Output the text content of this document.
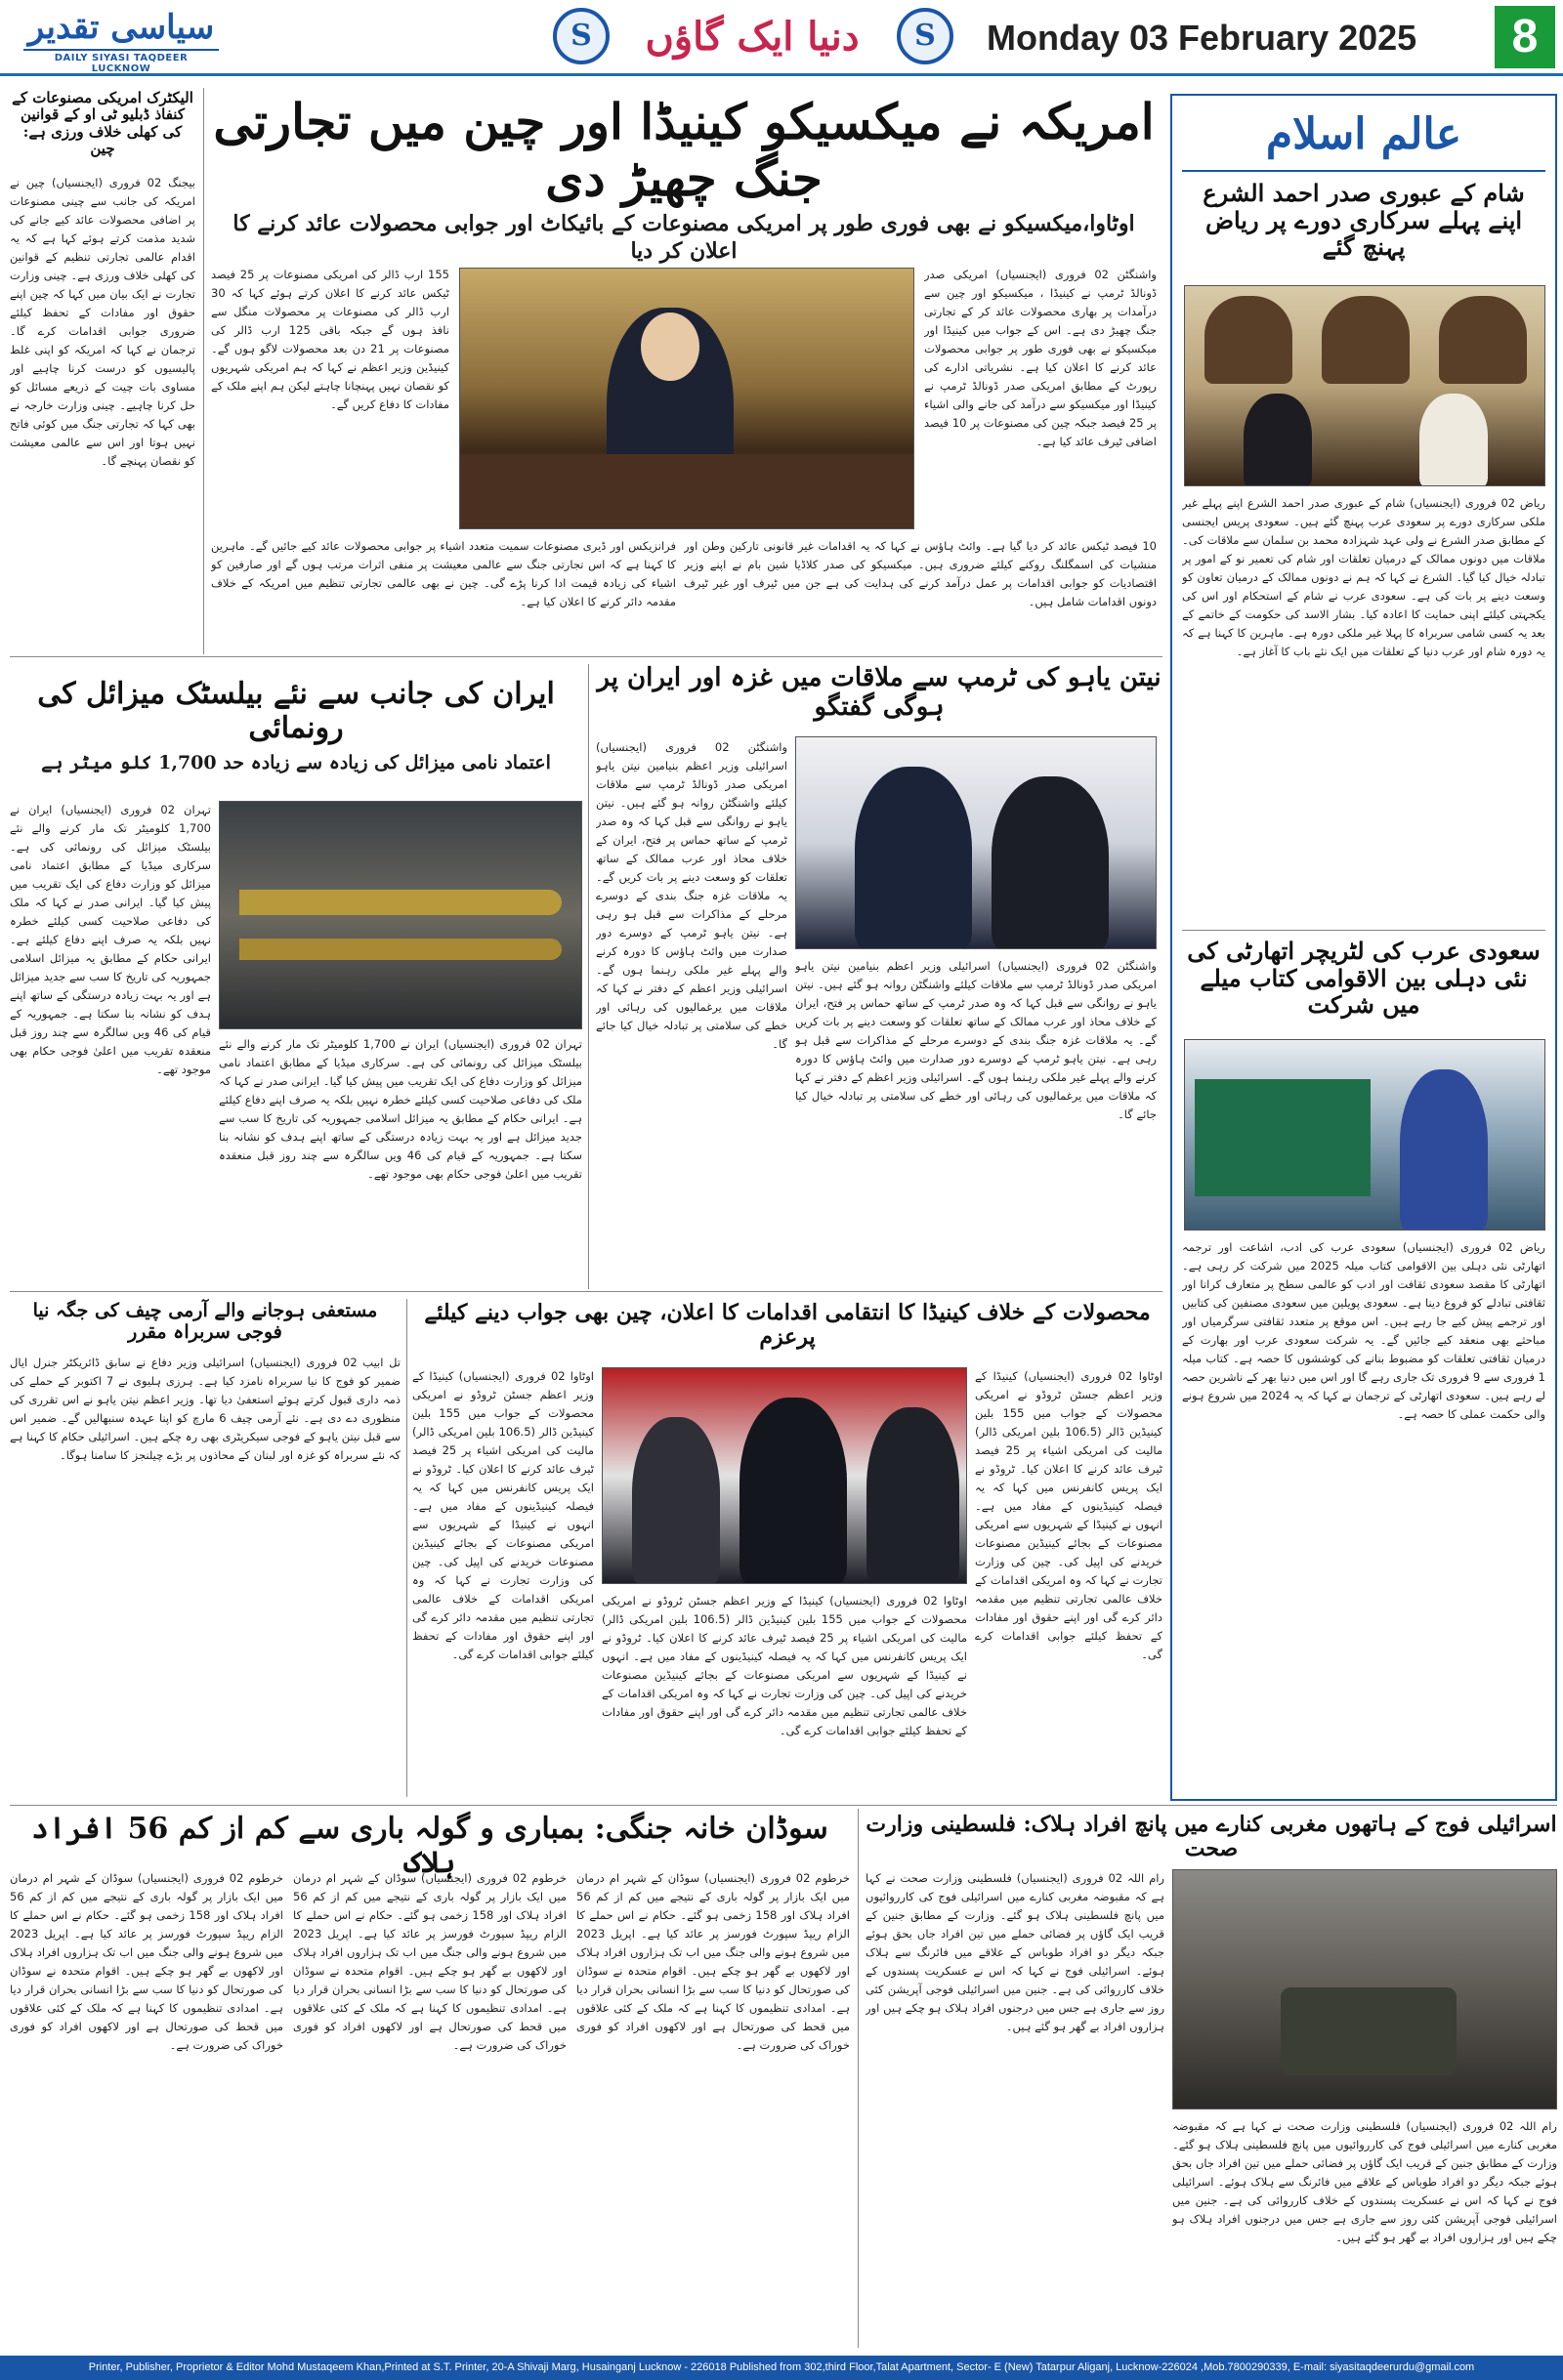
سیاسی تقدیر
DAILY SIYASI TAQDEER LUCKNOW
S	دنیا ایک گاؤں	S	Monday 03 February 2025	8
الیکٹرک امریکی مصنوعات کے کنفاذ ڈبلیو ٹی او کے قوانین کی کھلی خلاف ورزی ہے: چین
بیجنگ 02 فروری (ایجنسیاں) چین نے امریکہ کی جانب سے چینی مصنوعات پر اضافی محصولات عائد کیے جانے کی شدید مذمت کرتے ہوئے کہا ہے کہ یہ اقدام عالمی تجارتی تنظیم کے قوانین کی کھلی خلاف ورزی ہے۔ چینی وزارت تجارت نے ایک بیان میں کہا کہ چین اپنے حقوق اور مفادات کے تحفظ کیلئے ضروری جوابی اقدامات کرے گا۔ ترجمان نے کہا کہ امریکہ کو اپنی غلط پالیسیوں کو درست کرنا چاہیے اور مساوی بات چیت کے ذریعے مسائل کو حل کرنا چاہیے۔ چینی وزارت خارجہ نے بھی کہا کہ تجارتی جنگ میں کوئی فاتح نہیں ہوتا اور اس سے عالمی معیشت کو نقصان پہنچے گا۔
امریکہ نے میکسیکو کینیڈا اور چین میں تجارتی جنگ چھیڑ دی
اوٹاوا،میکسیکو نے بھی فوری طور پر امریکی مصنوعات کے بائیکاٹ اور جوابی محصولات عائد کرنے کا اعلان کر دیا
واشنگٹن 02 فروری (ایجنسیاں) امریکی صدر ڈونالڈ ٹرمپ نے کینیڈا ، میکسیکو اور چین سے درآمدات پر بھاری محصولات عائد کر کے تجارتی جنگ چھیڑ دی ہے۔ اس کے جواب میں کینیڈا اور میکسیکو نے بھی فوری طور پر جوابی محصولات عائد کرنے کا اعلان کیا ہے۔ نشریاتی ادارے کی رپورٹ کے مطابق امریکی صدر ڈونالڈ ٹرمپ نے کینیڈا اور میکسیکو سے درآمد کی جانے والی اشیاء پر 25 فیصد جبکہ چین کی مصنوعات پر 10 فیصد اضافی ٹیرف عائد کیا ہے۔
155 ارب ڈالر کی امریکی مصنوعات پر 25 فیصد ٹیکس عائد کرنے کا اعلان کرتے ہوئے کہا کہ 30 ارب ڈالر کی مصنوعات پر محصولات منگل سے نافذ ہوں گے جبکہ باقی 125 ارب ڈالر کی مصنوعات پر 21 دن بعد محصولات لاگو ہوں گے۔ کینیڈین وزیر اعظم نے کہا کہ ہم امریکی شہریوں کو نقصان نہیں پہنچانا چاہتے لیکن ہم اپنے ملک کے مفادات کا دفاع کریں گے۔
10 فیصد ٹیکس عائد کر دیا گیا ہے۔ وائٹ ہاؤس نے کہا کہ یہ اقدامات غیر قانونی تارکین وطن اور منشیات کی اسمگلنگ روکنے کیلئے ضروری ہیں۔ میکسیکو کی صدر کلاڈیا شین بام نے اپنے وزیر اقتصادیات کو جوابی اقدامات پر عمل درآمد کرنے کی ہدایت کی ہے جن میں ٹیرف اور غیر ٹیرف دونوں اقدامات شامل ہیں۔
فرانزیکس اور ڈیری مصنوعات سمیت متعدد اشیاء پر جوابی محصولات عائد کیے جائیں گے۔ ماہرین کا کہنا ہے کہ اس تجارتی جنگ سے عالمی معیشت پر منفی اثرات مرتب ہوں گے اور صارفین کو اشیاء کی زیادہ قیمت ادا کرنا پڑے گی۔ چین نے بھی عالمی تجارتی تنظیم میں امریکہ کے خلاف مقدمہ دائر کرنے کا اعلان کیا ہے۔
نیتن یاہو کی ٹرمپ سے ملاقات میں غزہ اور ایران پر ہوگی گفتگو
واشنگٹن 02 فروری (ایجنسیاں) اسرائیلی وزیر اعظم بنیامین نیتن یاہو امریکی صدر ڈونالڈ ٹرمپ سے ملاقات کیلئے واشنگٹن روانہ ہو گئے ہیں۔ نیتن یاہو نے روانگی سے قبل کہا کہ وہ صدر ٹرمپ کے ساتھ حماس پر فتح، ایران کے خلاف محاذ اور عرب ممالک کے ساتھ تعلقات کو وسعت دینے پر بات کریں گے۔ یہ ملاقات غزہ جنگ بندی کے دوسرے مرحلے کے مذاکرات سے قبل ہو رہی ہے۔ نیتن یاہو ٹرمپ کے دوسرے دور صدارت میں وائٹ ہاؤس کا دورہ کرنے والے پہلے غیر ملکی رہنما ہوں گے۔ اسرائیلی وزیر اعظم کے دفتر نے کہا کہ ملاقات میں یرغمالیوں کی رہائی اور خطے کی سلامتی پر تبادلہ خیال کیا جائے گا۔
واشنگٹن 02 فروری (ایجنسیاں) اسرائیلی وزیر اعظم بنیامین نیتن یاہو امریکی صدر ڈونالڈ ٹرمپ سے ملاقات کیلئے واشنگٹن روانہ ہو گئے ہیں۔ نیتن یاہو نے روانگی سے قبل کہا کہ وہ صدر ٹرمپ کے ساتھ حماس پر فتح، ایران کے خلاف محاذ اور عرب ممالک کے ساتھ تعلقات کو وسعت دینے پر بات کریں گے۔ یہ ملاقات غزہ جنگ بندی کے دوسرے مرحلے کے مذاکرات سے قبل ہو رہی ہے۔ نیتن یاہو ٹرمپ کے دوسرے دور صدارت میں وائٹ ہاؤس کا دورہ کرنے والے پہلے غیر ملکی رہنما ہوں گے۔ اسرائیلی وزیر اعظم کے دفتر نے کہا کہ ملاقات میں یرغمالیوں کی رہائی اور خطے کی سلامتی پر تبادلہ خیال کیا جائے گا۔
ایران کی جانب سے نئے بیلسٹک میزائل کی رونمائی
اعتماد نامی میزائل کی زیادہ سے زیادہ حد 1,700 کلو میٹر ہے
تہران 02 فروری (ایجنسیاں) ایران نے 1,700 کلومیٹر تک مار کرنے والے نئے بیلسٹک میزائل کی رونمائی کی ہے۔ سرکاری میڈیا کے مطابق اعتماد نامی میزائل کو وزارت دفاع کی ایک تقریب میں پیش کیا گیا۔ ایرانی صدر نے کہا کہ ملک کی دفاعی صلاحیت کسی کیلئے خطرہ نہیں بلکہ یہ صرف اپنے دفاع کیلئے ہے۔ ایرانی حکام کے مطابق یہ میزائل اسلامی جمہوریہ کی تاریخ کا سب سے جدید میزائل ہے اور یہ بہت زیادہ درستگی کے ساتھ اپنے ہدف کو نشانہ بنا سکتا ہے۔ جمہوریہ کے قیام کی 46 ویں سالگرہ سے چند روز قبل منعقدہ تقریب میں اعلیٰ فوجی حکام بھی موجود تھے۔
تہران 02 فروری (ایجنسیاں) ایران نے 1,700 کلومیٹر تک مار کرنے والے نئے بیلسٹک میزائل کی رونمائی کی ہے۔ سرکاری میڈیا کے مطابق اعتماد نامی میزائل کو وزارت دفاع کی ایک تقریب میں پیش کیا گیا۔ ایرانی صدر نے کہا کہ ملک کی دفاعی صلاحیت کسی کیلئے خطرہ نہیں بلکہ یہ صرف اپنے دفاع کیلئے ہے۔ ایرانی حکام کے مطابق یہ میزائل اسلامی جمہوریہ کی تاریخ کا سب سے جدید میزائل ہے اور یہ بہت زیادہ درستگی کے ساتھ اپنے ہدف کو نشانہ بنا سکتا ہے۔ جمہوریہ کے قیام کی 46 ویں سالگرہ سے چند روز قبل منعقدہ تقریب میں اعلیٰ فوجی حکام بھی موجود تھے۔
مستعفی ہوجانے والے آرمی چیف کی جگہ نیا فوجی سربراہ مقرر
تل ابیب 02 فروری (ایجنسیاں) اسرائیلی وزیر دفاع نے سابق ڈائریکٹر جنرل ایال ضمیر کو فوج کا نیا سربراہ نامزد کیا ہے۔ ہرزی ہلیوی نے 7 اکتوبر کے حملے کی ذمہ داری قبول کرتے ہوئے استعفیٰ دیا تھا۔ وزیر اعظم نیتن یاہو نے اس تقرری کی منظوری دے دی ہے۔ نئے آرمی چیف 6 مارچ کو اپنا عہدہ سنبھالیں گے۔ ضمیر اس سے قبل نیتن یاہو کے فوجی سیکریٹری بھی رہ چکے ہیں۔ اسرائیلی حکام کا کہنا ہے کہ نئے سربراہ کو غزہ اور لبنان کے محاذوں پر بڑے چیلنجز کا سامنا ہوگا۔
محصولات کے خلاف کینیڈا کا انتقامی اقدامات کا اعلان، چین بھی جواب دینے کیلئے پرعزم
اوٹاوا 02 فروری (ایجنسیاں) کینیڈا کے وزیر اعظم جسٹن ٹروڈو نے امریکی محصولات کے جواب میں 155 بلین کینیڈین ڈالر (106.5 بلین امریکی ڈالر) مالیت کی امریکی اشیاء پر 25 فیصد ٹیرف عائد کرنے کا اعلان کیا۔ ٹروڈو نے ایک پریس کانفرنس میں کہا کہ یہ فیصلہ کینیڈینوں کے مفاد میں ہے۔ انہوں نے کینیڈا کے شہریوں سے امریکی مصنوعات کے بجائے کینیڈین مصنوعات خریدنے کی اپیل کی۔ چین کی وزارت تجارت نے کہا کہ وہ امریکی اقدامات کے خلاف عالمی تجارتی تنظیم میں مقدمہ دائر کرے گی اور اپنے حقوق اور مفادات کے تحفظ کیلئے جوابی اقدامات کرے گی۔
اوٹاوا 02 فروری (ایجنسیاں) کینیڈا کے وزیر اعظم جسٹن ٹروڈو نے امریکی محصولات کے جواب میں 155 بلین کینیڈین ڈالر (106.5 بلین امریکی ڈالر) مالیت کی امریکی اشیاء پر 25 فیصد ٹیرف عائد کرنے کا اعلان کیا۔ ٹروڈو نے ایک پریس کانفرنس میں کہا کہ یہ فیصلہ کینیڈینوں کے مفاد میں ہے۔ انہوں نے کینیڈا کے شہریوں سے امریکی مصنوعات کے بجائے کینیڈین مصنوعات خریدنے کی اپیل کی۔ چین کی وزارت تجارت نے کہا کہ وہ امریکی اقدامات کے خلاف عالمی تجارتی تنظیم میں مقدمہ دائر کرے گی اور اپنے حقوق اور مفادات کے تحفظ کیلئے جوابی اقدامات کرے گی۔
اوٹاوا 02 فروری (ایجنسیاں) کینیڈا کے وزیر اعظم جسٹن ٹروڈو نے امریکی محصولات کے جواب میں 155 بلین کینیڈین ڈالر (106.5 بلین امریکی ڈالر) مالیت کی امریکی اشیاء پر 25 فیصد ٹیرف عائد کرنے کا اعلان کیا۔ ٹروڈو نے ایک پریس کانفرنس میں کہا کہ یہ فیصلہ کینیڈینوں کے مفاد میں ہے۔ انہوں نے کینیڈا کے شہریوں سے امریکی مصنوعات کے بجائے کینیڈین مصنوعات خریدنے کی اپیل کی۔ چین کی وزارت تجارت نے کہا کہ وہ امریکی اقدامات کے خلاف عالمی تجارتی تنظیم میں مقدمہ دائر کرے گی اور اپنے حقوق اور مفادات کے تحفظ کیلئے جوابی اقدامات کرے گی۔
سوڈان خانہ جنگی: بمباری و گولہ باری سے کم از کم 56 افراد ہلاک
خرطوم 02 فروری (ایجنسیاں) سوڈان کے شہر ام درمان میں ایک بازار پر گولہ باری کے نتیجے میں کم از کم 56 افراد ہلاک اور 158 زخمی ہو گئے۔ حکام نے اس حملے کا الزام ریپڈ سپورٹ فورسز پر عائد کیا ہے۔ اپریل 2023 میں شروع ہونے والی جنگ میں اب تک ہزاروں افراد ہلاک اور لاکھوں بے گھر ہو چکے ہیں۔ اقوام متحدہ نے سوڈان کی صورتحال کو دنیا کا سب سے بڑا انسانی بحران قرار دیا ہے۔ امدادی تنظیموں کا کہنا ہے کہ ملک کے کئی علاقوں میں قحط کی صورتحال ہے اور لاکھوں افراد کو فوری خوراک کی ضرورت ہے۔
خرطوم 02 فروری (ایجنسیاں) سوڈان کے شہر ام درمان میں ایک بازار پر گولہ باری کے نتیجے میں کم از کم 56 افراد ہلاک اور 158 زخمی ہو گئے۔ حکام نے اس حملے کا الزام ریپڈ سپورٹ فورسز پر عائد کیا ہے۔ اپریل 2023 میں شروع ہونے والی جنگ میں اب تک ہزاروں افراد ہلاک اور لاکھوں بے گھر ہو چکے ہیں۔ اقوام متحدہ نے سوڈان کی صورتحال کو دنیا کا سب سے بڑا انسانی بحران قرار دیا ہے۔ امدادی تنظیموں کا کہنا ہے کہ ملک کے کئی علاقوں میں قحط کی صورتحال ہے اور لاکھوں افراد کو فوری خوراک کی ضرورت ہے۔
خرطوم 02 فروری (ایجنسیاں) سوڈان کے شہر ام درمان میں ایک بازار پر گولہ باری کے نتیجے میں کم از کم 56 افراد ہلاک اور 158 زخمی ہو گئے۔ حکام نے اس حملے کا الزام ریپڈ سپورٹ فورسز پر عائد کیا ہے۔ اپریل 2023 میں شروع ہونے والی جنگ میں اب تک ہزاروں افراد ہلاک اور لاکھوں بے گھر ہو چکے ہیں۔ اقوام متحدہ نے سوڈان کی صورتحال کو دنیا کا سب سے بڑا انسانی بحران قرار دیا ہے۔ امدادی تنظیموں کا کہنا ہے کہ ملک کے کئی علاقوں میں قحط کی صورتحال ہے اور لاکھوں افراد کو فوری خوراک کی ضرورت ہے۔
اسرائیلی فوج کے ہاتھوں مغربی کنارے میں پانچ افراد ہلاک: فلسطینی وزارت صحت
رام اللہ 02 فروری (ایجنسیاں) فلسطینی وزارت صحت نے کہا ہے کہ مقبوضہ مغربی کنارے میں اسرائیلی فوج کی کارروائیوں میں پانچ فلسطینی ہلاک ہو گئے۔ وزارت کے مطابق جنین کے قریب ایک گاؤں پر فضائی حملے میں تین افراد جاں بحق ہوئے جبکہ دیگر دو افراد طوباس کے علاقے میں فائرنگ سے ہلاک ہوئے۔ اسرائیلی فوج نے کہا کہ اس نے عسکریت پسندوں کے خلاف کارروائی کی ہے۔ جنین میں اسرائیلی فوجی آپریشن کئی روز سے جاری ہے جس میں درجنوں افراد ہلاک ہو چکے ہیں اور ہزاروں افراد بے گھر ہو گئے ہیں۔
رام اللہ 02 فروری (ایجنسیاں) فلسطینی وزارت صحت نے کہا ہے کہ مقبوضہ مغربی کنارے میں اسرائیلی فوج کی کارروائیوں میں پانچ فلسطینی ہلاک ہو گئے۔ وزارت کے مطابق جنین کے قریب ایک گاؤں پر فضائی حملے میں تین افراد جاں بحق ہوئے جبکہ دیگر دو افراد طوباس کے علاقے میں فائرنگ سے ہلاک ہوئے۔ اسرائیلی فوج نے کہا کہ اس نے عسکریت پسندوں کے خلاف کارروائی کی ہے۔ جنین میں اسرائیلی فوجی آپریشن کئی روز سے جاری ہے جس میں درجنوں افراد ہلاک ہو چکے ہیں اور ہزاروں افراد بے گھر ہو گئے ہیں۔
عالم اسلام
شام کے عبوری صدر احمد الشرع اپنے پہلے سرکاری دورے پر ریاض پہنچ گئے
ریاض 02 فروری (ایجنسیاں) شام کے عبوری صدر احمد الشرع اپنے پہلے غیر ملکی سرکاری دورے پر سعودی عرب پہنچ گئے ہیں۔ سعودی پریس ایجنسی کے مطابق صدر الشرع نے ولی عہد شہزادہ محمد بن سلمان سے ملاقات کی۔ ملاقات میں دونوں ممالک کے درمیان تعلقات اور شام کی تعمیر نو کے امور پر تبادلہ خیال کیا گیا۔ الشرع نے کہا کہ ہم نے دونوں ممالک کے درمیان تعاون کو وسعت دینے پر بات کی ہے۔ سعودی عرب نے شام کے استحکام اور اس کی یکجہتی کیلئے اپنی حمایت کا اعادہ کیا۔ بشار الاسد کی حکومت کے خاتمے کے بعد یہ کسی شامی سربراہ کا پہلا غیر ملکی دورہ ہے۔ ماہرین کا کہنا ہے کہ یہ دورہ شام اور عرب دنیا کے تعلقات میں ایک نئے باب کا آغاز ہے۔
سعودی عرب کی لٹریچر اتھارٹی کی نئی دہلی بین الاقوامی کتاب میلے میں شرکت
ریاض 02 فروری (ایجنسیاں) سعودی عرب کی ادب، اشاعت اور ترجمہ اتھارٹی نئی دہلی بین الاقوامی کتاب میلہ 2025 میں شرکت کر رہی ہے۔ اتھارٹی کا مقصد سعودی ثقافت اور ادب کو عالمی سطح پر متعارف کرانا اور ثقافتی تبادلے کو فروغ دینا ہے۔ سعودی پویلین میں سعودی مصنفین کی کتابیں اور ترجمے پیش کیے جا رہے ہیں۔ اس موقع پر متعدد ثقافتی سرگرمیاں اور مباحثے بھی منعقد کیے جائیں گے۔ یہ شرکت سعودی عرب اور بھارت کے درمیان ثقافتی تعلقات کو مضبوط بنانے کی کوششوں کا حصہ ہے۔ کتاب میلہ 1 فروری سے 9 فروری تک جاری رہے گا اور اس میں دنیا بھر کے ناشرین حصہ لے رہے ہیں۔ سعودی اتھارٹی کے ترجمان نے کہا کہ یہ 2024 میں شروع ہونے والی حکمت عملی کا حصہ ہے۔
Printer, Publisher, Proprietor & Editor Mohd Mustaqeem Khan,Printed at S.T. Printer, 20-A Shivaji Marg, Husainganj Lucknow - 226018 Published from 302,third Floor,Talat Apartment, Sector- E (New) Tatarpur Aliganj, Lucknow-226024 ,Mob.7800290339, E-mail: siyasitaqdeerurdu@gmail.com
